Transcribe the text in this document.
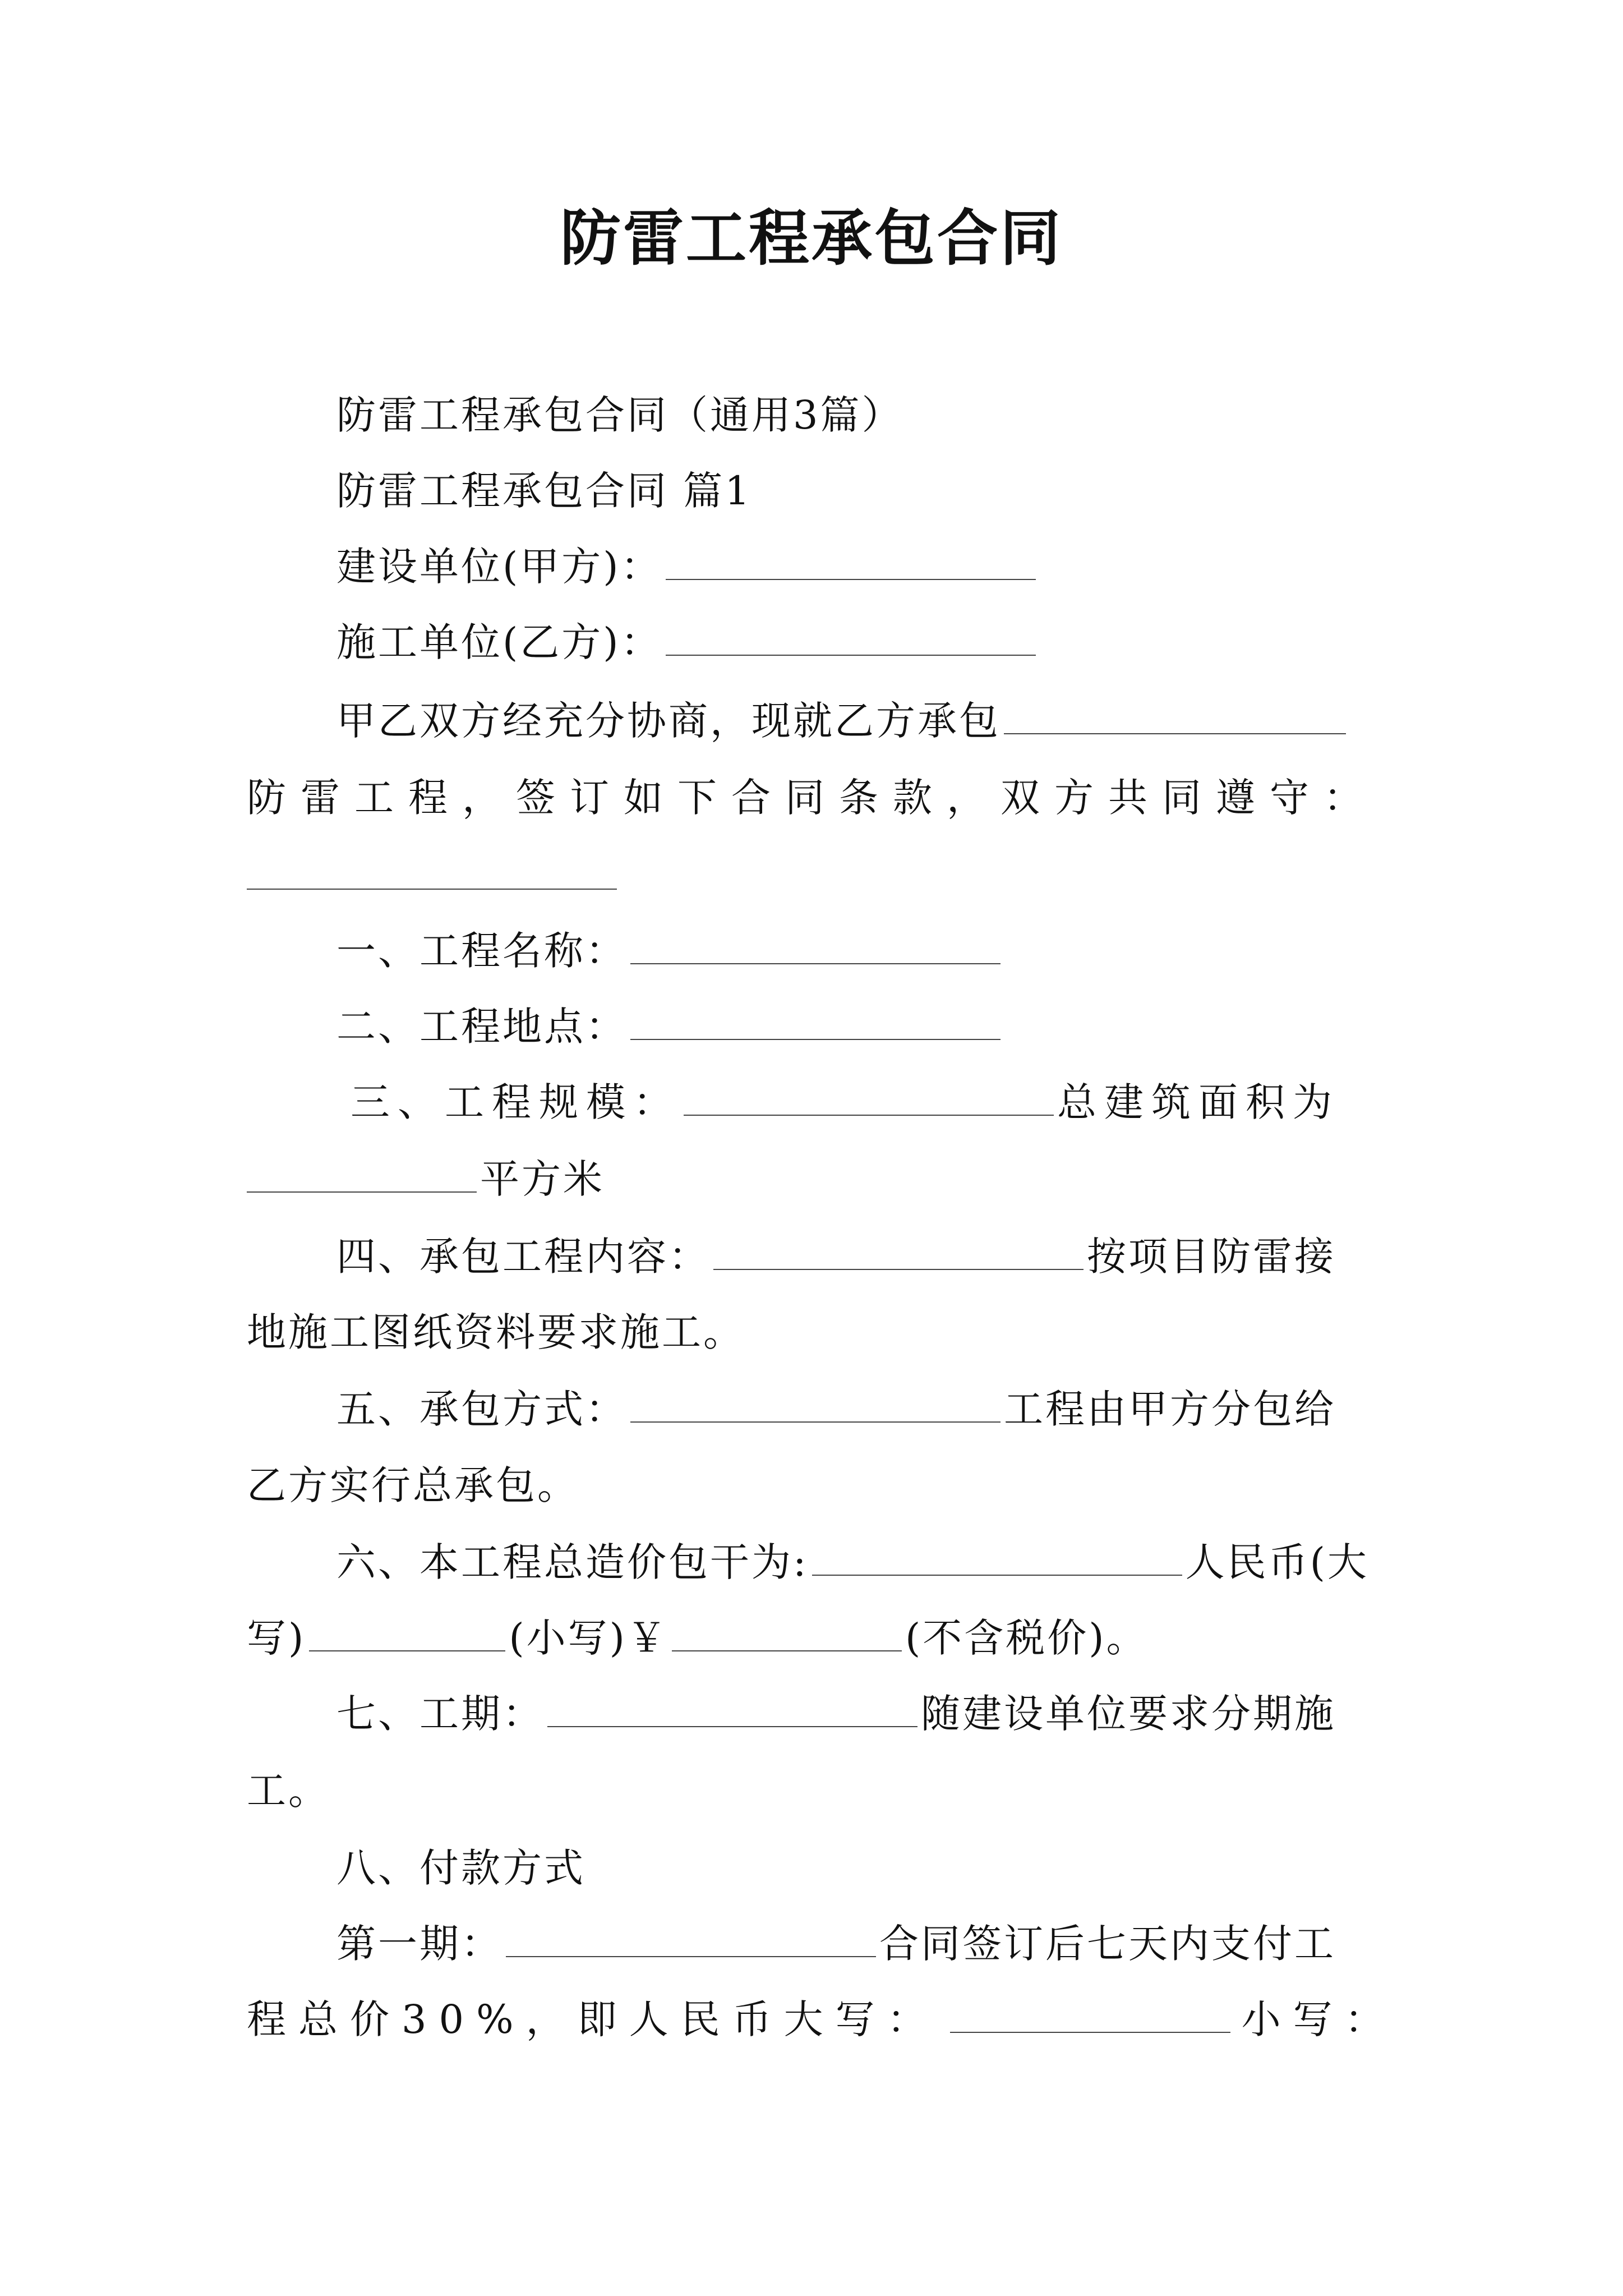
防雷工程承包合同
防雷工程承包合同（通用3篇）
防雷工程承包合同 篇1
建设单位(甲方)：
施工单位(乙方)：
甲乙双方经充分协商，现就乙方承包
防雷工程，签订如下合同条款，双方共同遵守：
一、工程名称：
二、工程地点：
三、工程规模：	总建筑面积为
平方米
四、承包工程内容：	按项目防雷接
地施工图纸资料要求施工。
五、承包方式：	工程由甲方分包给
乙方实行总承包。
六、本工程总造价包干为:	人民币(大
写)	(小写)￥	(不含税价)。
七、工期：	随建设单位要求分期施
工。
八、付款方式
第一期：	合同签订后七天内支付工
程总价30%，即人民币大写：	小写：
